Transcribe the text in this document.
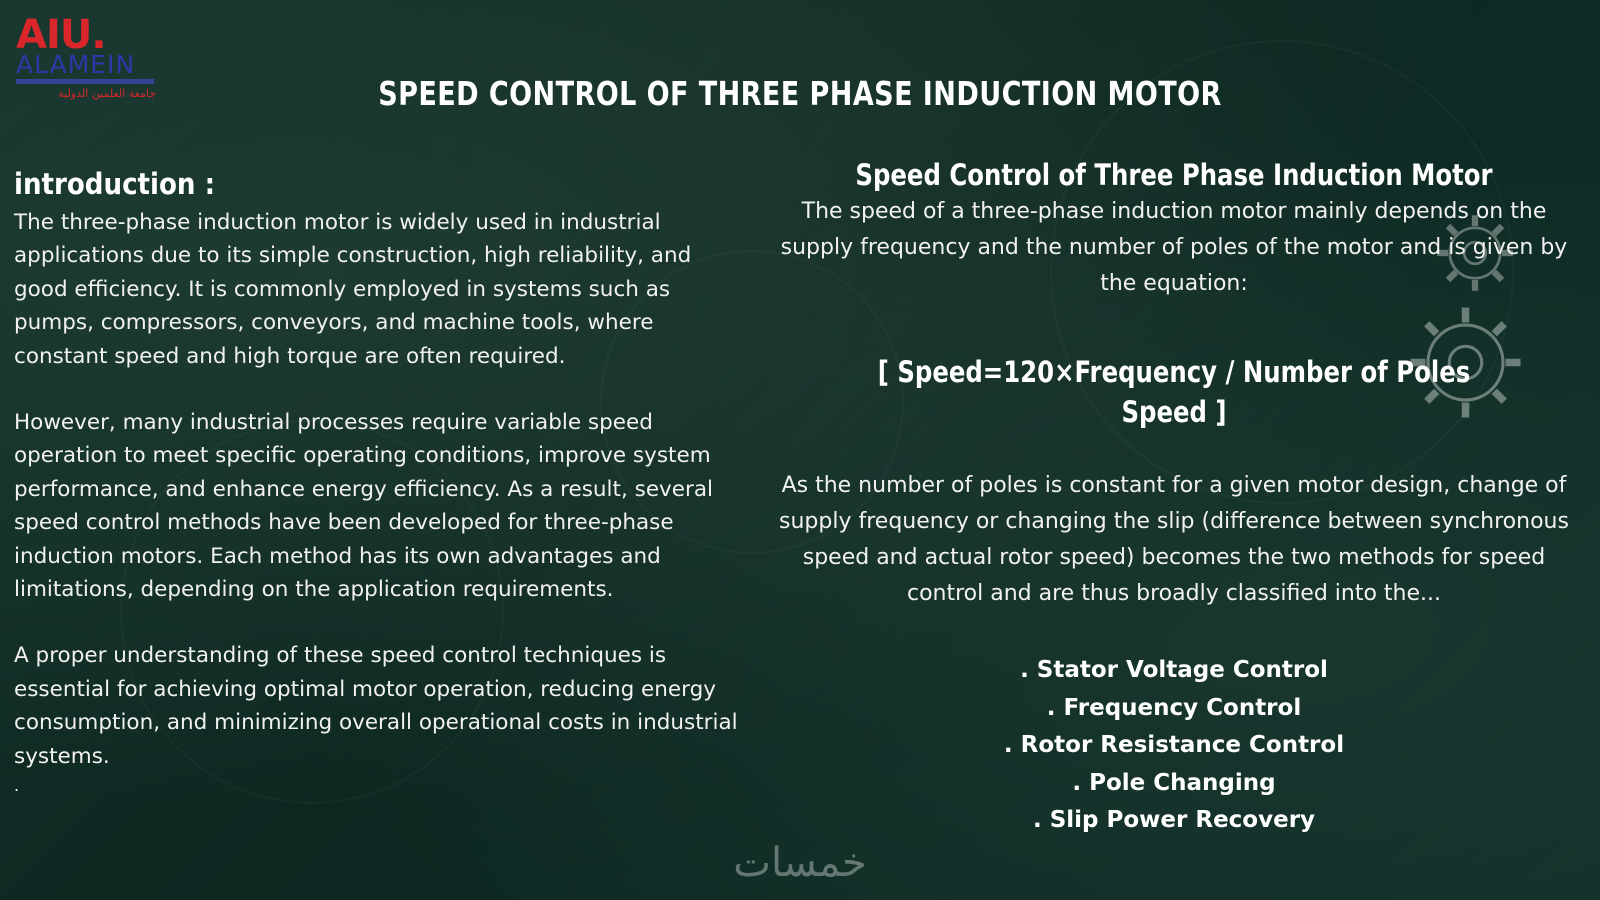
AIU.
ALAMEIN
جامعة العلمين الدولية	SPEED CONTROL OF THREE PHASE INDUCTION MOTOR
introduction :

The three-phase induction motor is widely used in industrial applications due to its simple construction, high reliability, and good efficiency. It is commonly employed in systems such as pumps, compressors, conveyors, and machine tools, where constant speed and high torque are often required.

However, many industrial processes require variable speed operation to meet specific operating conditions, improve system performance, and enhance energy efficiency. As a result, several speed control methods have been developed for three-phase induction motors. Each method has its own advantages and limitations, depending on the application requirements.

A proper understanding of these speed control techniques is essential for achieving optimal motor operation, reducing energy consumption, and minimizing overall operational costs in industrial systems.

.
Speed Control of Three Phase Induction Motor

The speed of a three-phase induction motor mainly depends on the supply frequency and the number of poles of the motor and is given by the equation:

[ Speed=120×Frequency / Number of Poles Speed ]

As the number of poles is constant for a given motor design, change of supply frequency or changing the slip (difference between synchronous speed and actual rotor speed) becomes the two methods for speed control and are thus broadly classified into the...

. Stator Voltage Control
. Frequency Control
. Rotor Resistance Control
. Pole Changing
. Slip Power Recovery
خمسات
